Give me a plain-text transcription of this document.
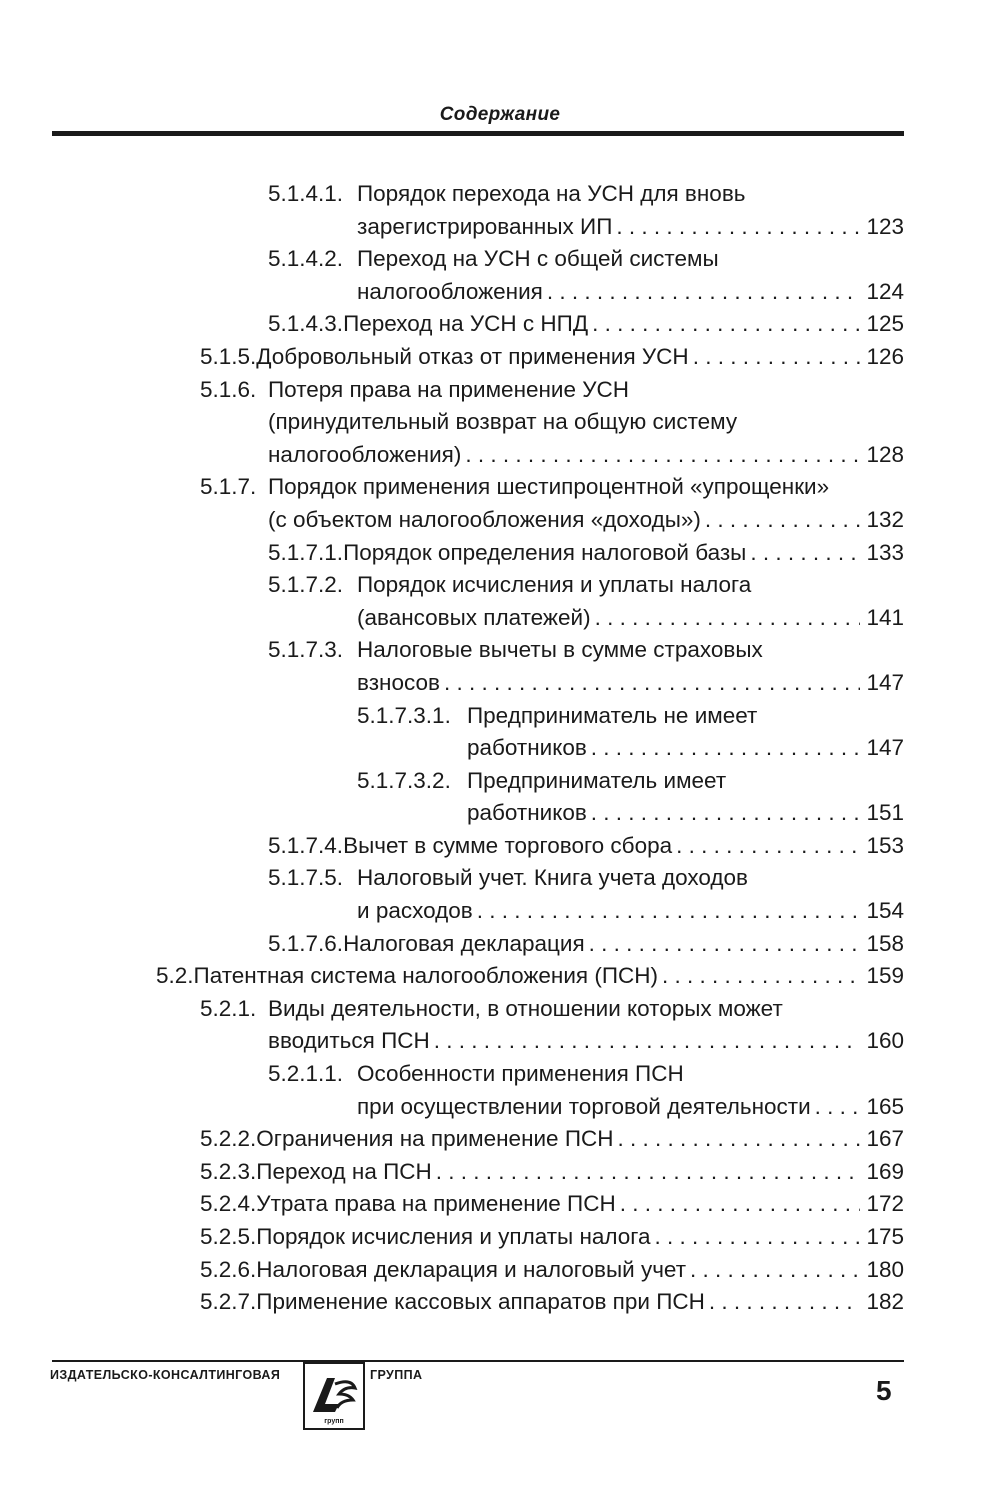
Содержание
5.1.4.1. Порядок перехода на УСН для вновь
зарегистрированных ИП . . .	123
5.1.4.2. Переход на УСН с общей системы
налогообложения . . .	124
5.1.4.3. Переход на УСН с НПД . . .	125
5.1.5. Добровольный отказ от применения УСН . . .	126
5.1.6. Потеря права на применение УСН
(принудительный возврат на общую систему
налогообложения) . . .	128
5.1.7. Порядок применения шестипроцентной «упрощенки»
(с объектом налогообложения «доходы») . . .	132
5.1.7.1. Порядок определения налоговой базы . . .	133
5.1.7.2. Порядок исчисления и уплаты налога
(авансовых платежей) . . .	141
5.1.7.3. Налоговые вычеты в сумме страховых
взносов . . .	147
5.1.7.3.1. Предприниматель не имеет
работников . . .	147
5.1.7.3.2. Предприниматель имеет
работников . . .	151
5.1.7.4. Вычет в сумме торгового сбора . . .	153
5.1.7.5. Налоговый учет. Книга учета доходов
и расходов . . .	154
5.1.7.6. Налоговая декларация . . .	158
5.2. Патентная система налогообложения (ПСН) . . .	159
5.2.1. Виды деятельности, в отношении которых может
вводиться ПСН . . .	160
5.2.1.1. Особенности применения ПСН
при осуществлении торговой деятельности . . . 165
5.2.2. Ограничения на применение ПСН . . .	167
5.2.3. Переход на ПСН . . .	169
5.2.4. Утрата права на применение ПСН . . .	172
5.2.5. Порядок исчисления и уплаты налога . . .	175
5.2.6. Налоговая декларация и налоговый учет . . .	180
5.2.7. Применение кассовых аппаратов при ПСН . . .	182
ИЗДАТЕЛЬСКО-КОНСАЛТИНГОВАЯ
групп
ГРУППА	5
